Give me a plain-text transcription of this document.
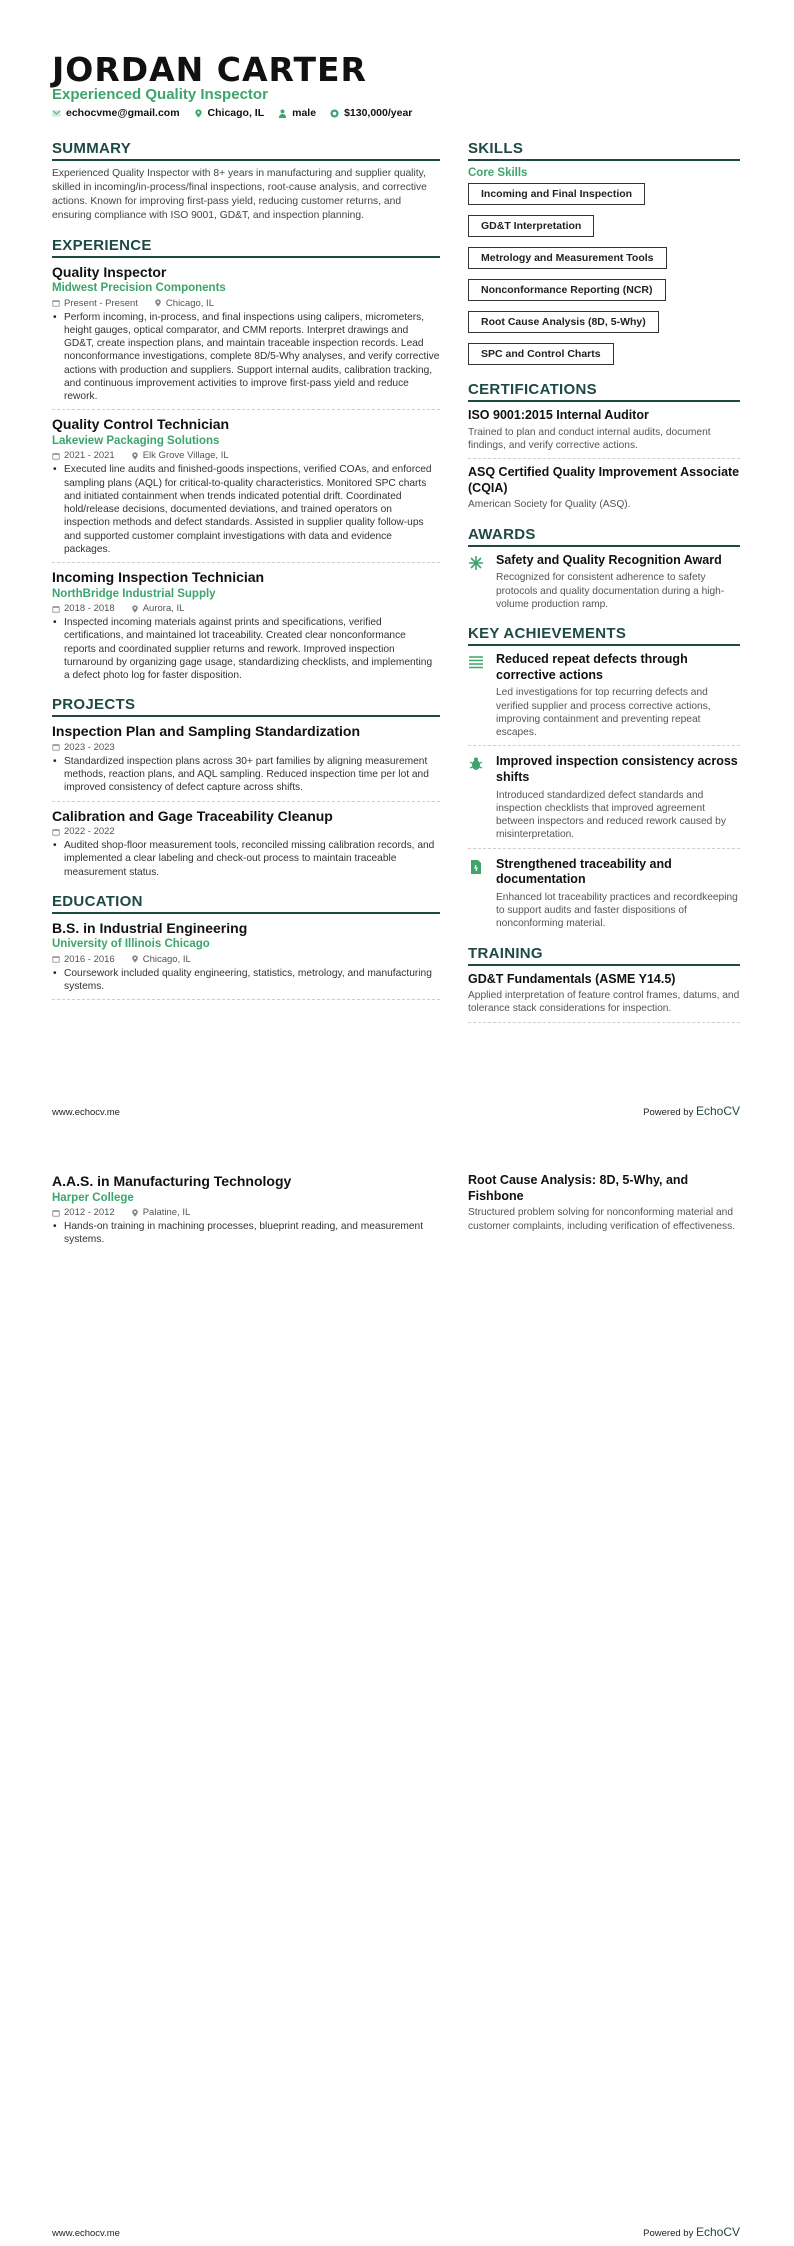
JORDAN CARTER
Experienced Quality Inspector
echocvme@gmail.com	Chicago, IL	male	$130,000/year
SUMMARY
Experienced Quality Inspector with 8+ years in manufacturing and supplier quality, skilled in incoming/in-process/final inspections, root-cause analysis, and corrective actions. Known for improving first-pass yield, reducing customer returns, and ensuring compliance with ISO 9001, GD&T, and inspection planning.
EXPERIENCE
Quality Inspector
Midwest Precision Components
Present - Present	Chicago, IL
• Perform incoming, in-process, and final inspections using calipers, micrometers, height gauges, optical comparator, and CMM reports. Interpret drawings and GD&T, create inspection plans, and maintain traceable inspection records. Lead nonconformance investigations, complete 8D/5-Why analyses, and verify corrective actions with production and suppliers. Support internal audits, calibration tracking, and continuous improvement activities to improve first-pass yield and reduce rework.
Quality Control Technician
Lakeview Packaging Solutions
2021 - 2021	Elk Grove Village, IL
• Executed line audits and finished-goods inspections, verified COAs, and enforced sampling plans (AQL) for critical-to-quality characteristics. Monitored SPC charts and initiated containment when trends indicated potential drift. Coordinated hold/release decisions, documented deviations, and trained operators on inspection methods and defect standards. Assisted in supplier quality follow-ups and supported customer complaint investigations with data and evidence packages.
Incoming Inspection Technician
NorthBridge Industrial Supply
2018 - 2018	Aurora, IL
• Inspected incoming materials against prints and specifications, verified certifications, and maintained lot traceability. Created clear nonconformance reports and coordinated supplier returns and rework. Improved inspection turnaround by organizing gage usage, standardizing checklists, and implementing a defect photo log for faster disposition.
PROJECTS
Inspection Plan and Sampling Standardization
2023 - 2023
• Standardized inspection plans across 30+ part families by aligning measurement methods, reaction plans, and AQL sampling. Reduced inspection time per lot and improved consistency of defect capture across shifts.
Calibration and Gage Traceability Cleanup
2022 - 2022
• Audited shop-floor measurement tools, reconciled missing calibration records, and implemented a clear labeling and check-out process to maintain traceable measurement status.
EDUCATION
B.S. in Industrial Engineering
University of Illinois Chicago
2016 - 2016	Chicago, IL
• Coursework included quality engineering, statistics, metrology, and manufacturing systems.
SKILLS
Core Skills
Incoming and Final Inspection
GD&T Interpretation
Metrology and Measurement Tools
Nonconformance Reporting (NCR)
Root Cause Analysis (8D, 5-Why)
SPC and Control Charts
CERTIFICATIONS
ISO 9001:2015 Internal Auditor
Trained to plan and conduct internal audits, document findings, and verify corrective actions.
ASQ Certified Quality Improvement Associate (CQIA)
American Society for Quality (ASQ).
AWARDS
Safety and Quality Recognition Award
Recognized for consistent adherence to safety protocols and quality documentation during a high-volume production ramp.
KEY ACHIEVEMENTS
Reduced repeat defects through corrective actions
Led investigations for top recurring defects and verified supplier and process corrective actions, improving containment and preventing repeat escapes.
Improved inspection consistency across shifts
Introduced standardized defect standards and inspection checklists that improved agreement between inspectors and reduced rework caused by misinterpretation.
Strengthened traceability and documentation
Enhanced lot traceability practices and recordkeeping to support audits and faster dispositions of nonconforming material.
TRAINING
GD&T Fundamentals (ASME Y14.5)
Applied interpretation of feature control frames, datums, and tolerance stack considerations for inspection.
www.echocv.me	Powered by EchoCV
A.A.S. in Manufacturing Technology
Harper College
2012 - 2012	Palatine, IL
• Hands-on training in machining processes, blueprint reading, and measurement systems.
Root Cause Analysis: 8D, 5-Why, and Fishbone
Structured problem solving for nonconforming material and customer complaints, including verification of effectiveness.
www.echocv.me	Powered by EchoCV
